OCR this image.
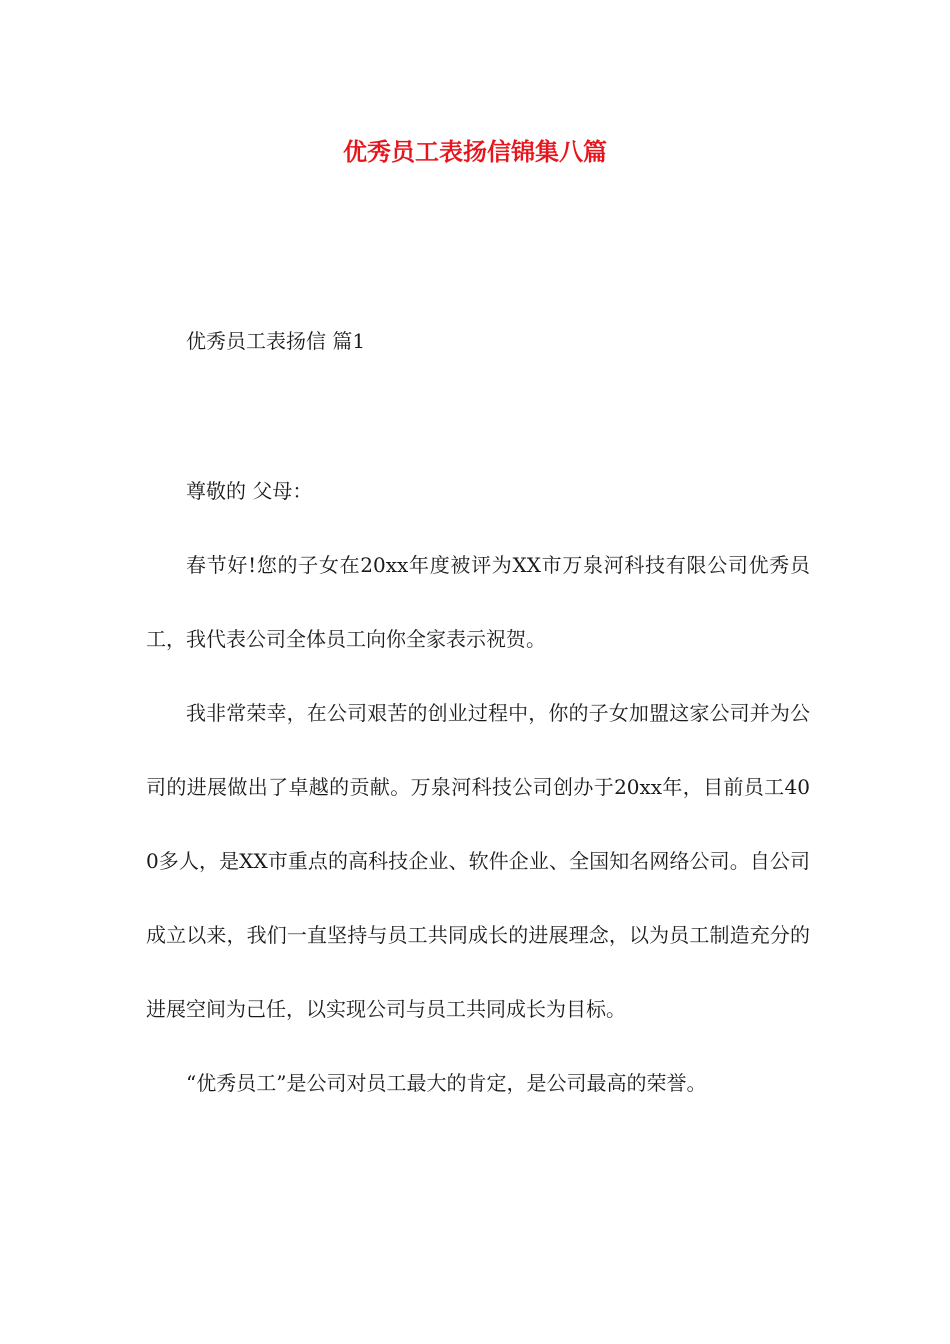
优秀员工表扬信锦集八篇
优秀员工表扬信 篇1

尊敬的 父母：

春节好!您的子女在20xx年度被评为XX市万泉河科技有限公司优秀员工，我代表公司全体员工向你全家表示祝贺。

我非常荣幸，在公司艰苦的创业过程中，你的子女加盟这家公司并为公司的进展做出了卓越的贡献。万泉河科技公司创办于20xx年，目前员工400多人，是XX市重点的高科技企业、软件企业、全国知名网络公司。自公司成立以来，我们一直坚持与员工共同成长的进展理念，以为员工制造充分的进展空间为己任，以实现公司与员工共同成长为目标。

“优秀员工”是公司对员工最大的肯定，是公司最高的荣誉。
